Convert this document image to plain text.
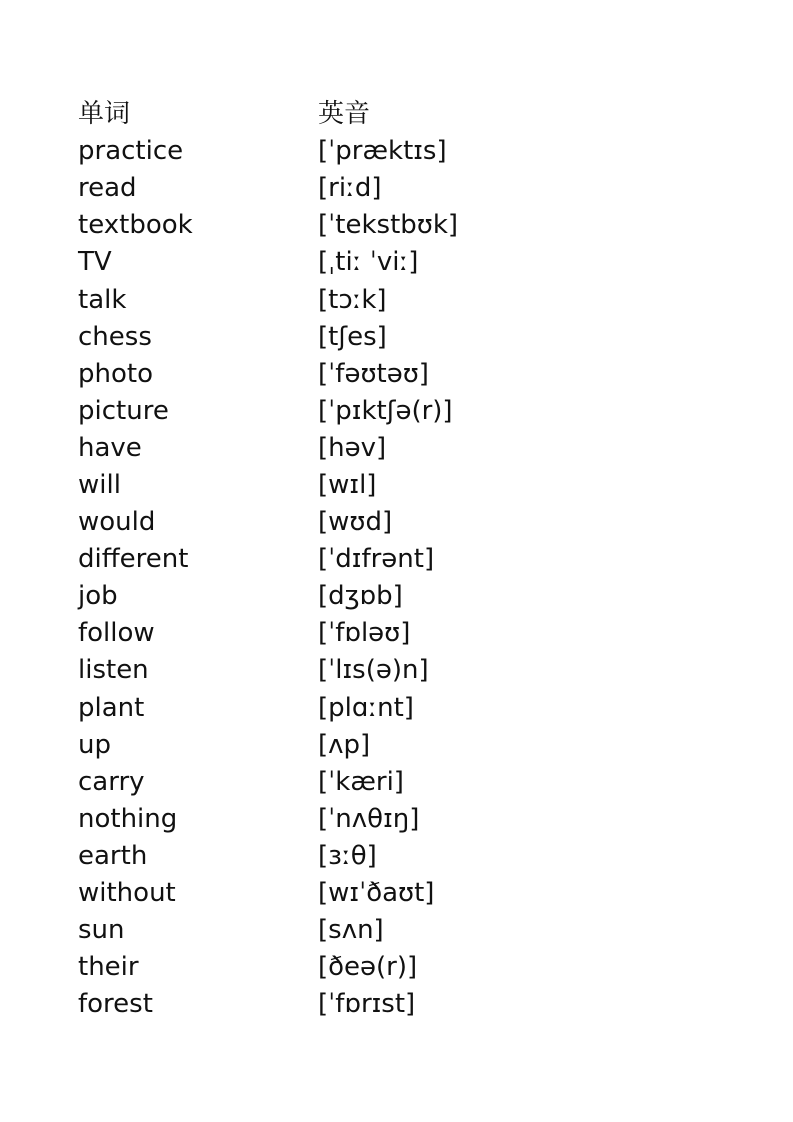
单词	英音
practice	[ˈpræktɪs]
read	[riːd]
textbook	[ˈtekstbʊk]
TV	[ˌtiː ˈviː]
talk	[tɔːk]
chess	[tʃes]
photo	[ˈfəʊtəʊ]
picture	[ˈpɪktʃə(r)]
have	[həv]
will	[wɪl]
would	[wʊd]
different	[ˈdɪfrənt]
job	[dʒɒb]
follow	[ˈfɒləʊ]
listen	[ˈlɪs(ə)n]
plant	[plɑːnt]
up	[ʌp]
carry	[ˈkæri]
nothing	[ˈnʌθɪŋ]
earth	[ɜːθ]
without	[wɪˈðaʊt]
sun	[sʌn]
their	[ðeə(r)]
forest	[ˈfɒrɪst]
